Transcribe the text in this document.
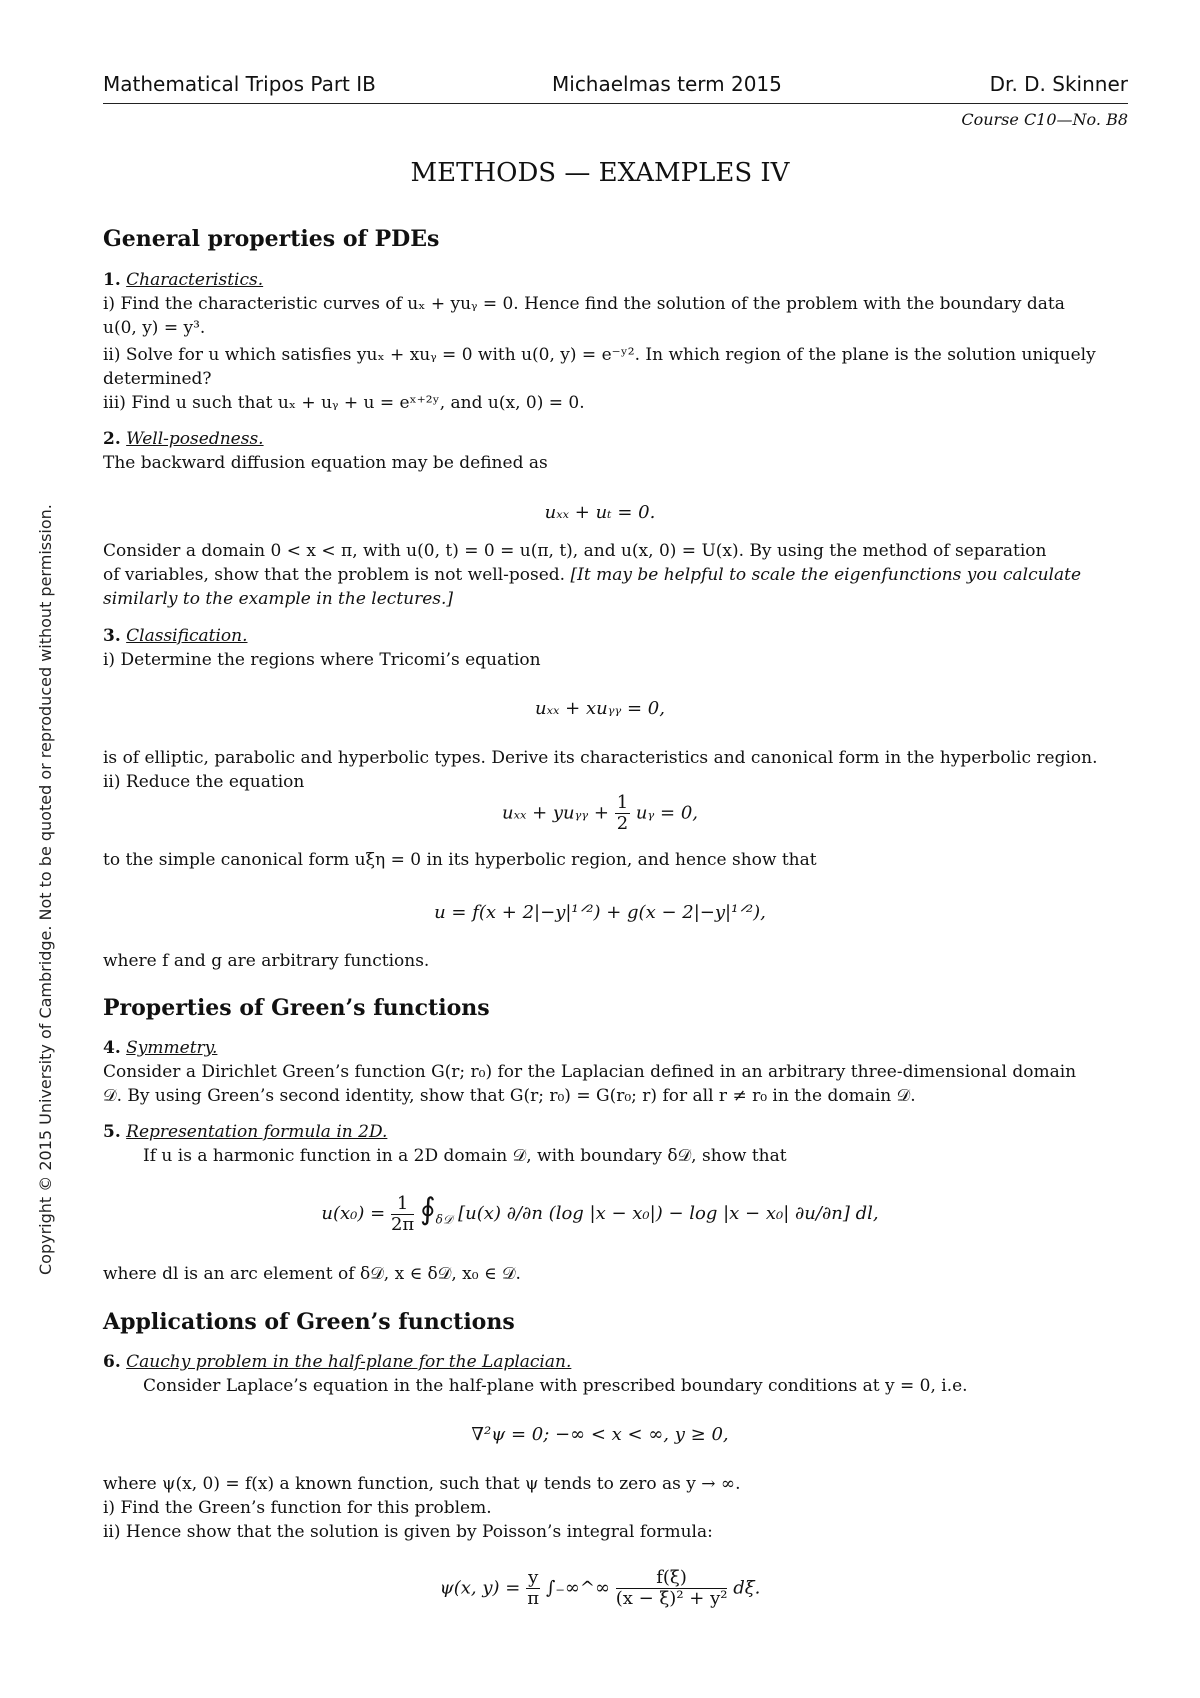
Copyright © 2015 University of Cambridge. Not to be quoted or reproduced without permission.
Mathematical Tripos Part IB	Michaelmas term 2015	Dr. D. Skinner
Course C10—No. B8
METHODS — EXAMPLES IV
General properties of PDEs
1. Characteristics.
i) Find the characteristic curves of uₓ + yuᵧ = 0. Hence find the solution of the problem with the boundary data
u(0, y) = y³.
ii) Solve for u which satisfies yuₓ + xuᵧ = 0 with u(0, y) = e⁻ʸ². In which region of the plane is the solution uniquely
determined?
iii) Find u such that uₓ + uᵧ + u = eˣ⁺²ʸ, and u(x, 0) = 0.
2. Well-posedness.
The backward diffusion equation may be defined as
uₓₓ + uₜ = 0.
Consider a domain 0 < x < π, with u(0, t) = 0 = u(π, t), and u(x, 0) = U(x). By using the method of separation
of variables, show that the problem is not well-posed. [It may be helpful to scale the eigenfunctions you calculate
similarly to the example in the lectures.]
3. Classification.
i) Determine the regions where Tricomi’s equation
uₓₓ + xuᵧᵧ = 0,
is of elliptic, parabolic and hyperbolic types. Derive its characteristics and canonical form in the hyperbolic region.
ii) Reduce the equation
uₓₓ + yuᵧᵧ + $\frac{1}{2}$ uᵧ = 0,
to the simple canonical form uξη = 0 in its hyperbolic region, and hence show that
u = f(x + 2|−y|¹ᐟ²) + g(x − 2|−y|¹ᐟ²),
where f and g are arbitrary functions.
Properties of Green’s functions
4. Symmetry.
Consider a Dirichlet Green’s function G(r; r₀) for the Laplacian defined in an arbitrary three-dimensional domain
𝒟. By using Green’s second identity, show that G(r; r₀) = G(r₀; r) for all r ≠ r₀ in the domain 𝒟.
5. Representation formula in 2D.
If u is a harmonic function in a 2D domain 𝒟, with boundary δ𝒟, show that
$u(x_0) = \frac{1}{2\pi}$ $∮_{\delta 𝒟}$ [u(x) ∂/∂n (log |x − x₀|) − log |x − x₀| ∂u/∂n] dl,
where dl is an arc element of δ𝒟, x ∈ δ𝒟, x₀ ∈ 𝒟.
Applications of Green’s functions
6. Cauchy problem in the half-plane for the Laplacian.
Consider Laplace’s equation in the half-plane with prescribed boundary conditions at y = 0, i.e.
∇²ψ = 0; −∞ < x < ∞, y ≥ 0,
where ψ(x, 0) = f(x) a known function, such that ψ tends to zero as y → ∞.
i) Find the Green’s function for this problem.
ii) Hence show that the solution is given by Poisson’s integral formula:
ψ(x, $y) = \frac{y}{\pi}$ ∫₋∞^∞ $\frac{f(\xi)}{\text{(x − ξ)² + y²}} d\xi$.
